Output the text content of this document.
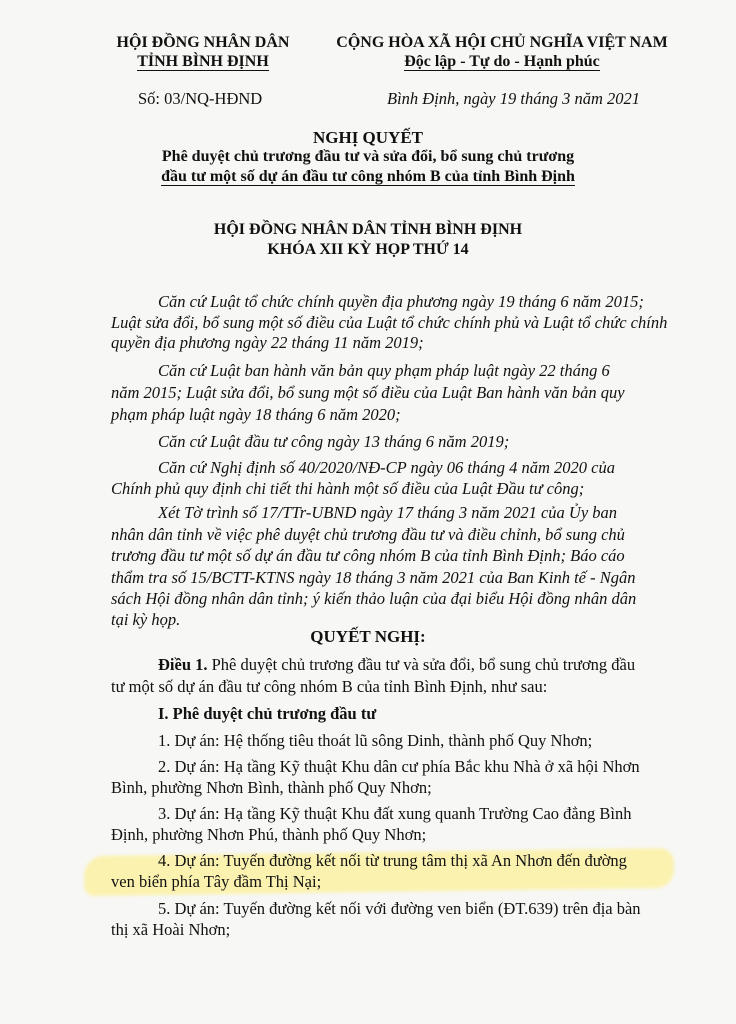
HỘI ĐỒNG NHÂN DÂN
TỈNH BÌNH ĐỊNH
Số: 03/NQ-HĐND
CỘNG HÒA XÃ HỘI CHỦ NGHĨA VIỆT NAM
Độc lập - Tự do - Hạnh phúc
Bình Định, ngày 19 tháng 3 năm 2021
NGHỊ QUYẾT
Phê duyệt chủ trương đầu tư và sửa đổi, bổ sung chủ trương
đầu tư một số dự án đầu tư công nhóm B của tỉnh Bình Định
HỘI ĐỒNG NHÂN DÂN TỈNH BÌNH ĐỊNH
KHÓA XII KỲ HỌP THỨ 14
Căn cứ Luật tổ chức chính quyền địa phương ngày 19 tháng 6 năm 2015;
Luật sửa đổi, bổ sung một số điều của Luật tổ chức chính phủ và Luật tổ chức chính
quyền địa phương ngày 22 tháng 11 năm 2019;
Căn cứ Luật ban hành văn bản quy phạm pháp luật ngày 22 tháng 6
năm 2015; Luật sửa đổi, bổ sung một số điều của Luật Ban hành văn bản quy
phạm pháp luật ngày 18 tháng 6 năm 2020;
Căn cứ Luật đầu tư công ngày 13 tháng 6 năm 2019;
Căn cứ Nghị định số 40/2020/NĐ-CP ngày 06 tháng 4 năm 2020 của
Chính phủ quy định chi tiết thi hành một số điều của Luật Đầu tư công;
Xét Tờ trình số 17/TTr-UBND ngày 17 tháng 3 năm 2021 của Ủy ban
nhân dân tỉnh về việc phê duyệt chủ trương đầu tư và điều chỉnh, bổ sung chủ
trương đầu tư một số dự án đầu tư công nhóm B của tỉnh Bình Định; Báo cáo
thẩm tra số 15/BCTT-KTNS ngày 18 tháng 3 năm 2021 của Ban Kinh tế - Ngân
sách Hội đồng nhân dân tỉnh; ý kiến thảo luận của đại biểu Hội đồng nhân dân
tại kỳ họp.
QUYẾT NGHỊ:
Điều 1. Phê duyệt chủ trương đầu tư và sửa đổi, bổ sung chủ trương đầu
tư một số dự án đầu tư công nhóm B của tỉnh Bình Định, như sau:
I. Phê duyệt chủ trương đầu tư
1. Dự án: Hệ thống tiêu thoát lũ sông Dinh, thành phố Quy Nhơn;
2. Dự án: Hạ tầng Kỹ thuật Khu dân cư phía Bắc khu Nhà ở xã hội Nhơn
Bình, phường Nhơn Bình, thành phố Quy Nhơn;
3. Dự án: Hạ tầng Kỹ thuật Khu đất xung quanh Trường Cao đẳng Bình
Định, phường Nhơn Phú, thành phố Quy Nhơn;
4. Dự án: Tuyến đường kết nối từ trung tâm thị xã An Nhơn đến đường
ven biển phía Tây đầm Thị Nại;
5. Dự án: Tuyến đường kết nối với đường ven biển (ĐT.639) trên địa bàn
thị xã Hoài Nhơn;
